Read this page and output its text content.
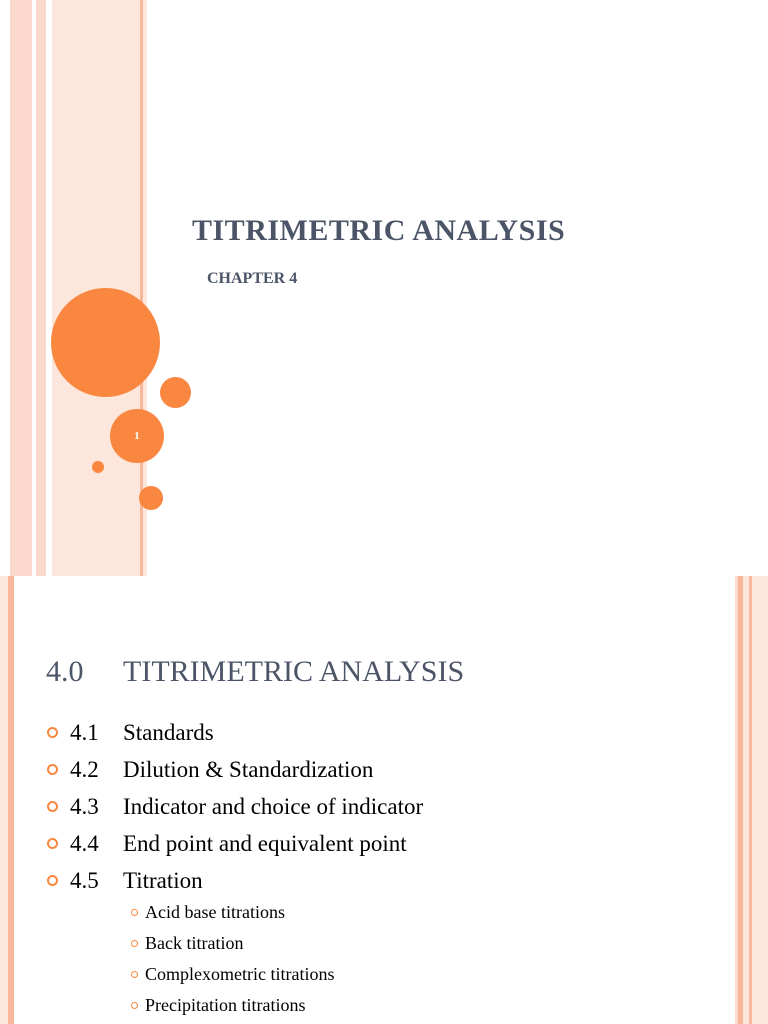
1
TITRIMETRIC ANALYSIS
CHAPTER 4
4.0 TITRIMETRIC ANALYSIS
4.1 Standards
4.2 Dilution & Standardization
4.3 Indicator and choice of indicator
4.4 End point and equivalent point
4.5 Titration
Acid base titrations
Back titration
Complexometric titrations
Precipitation titrations
